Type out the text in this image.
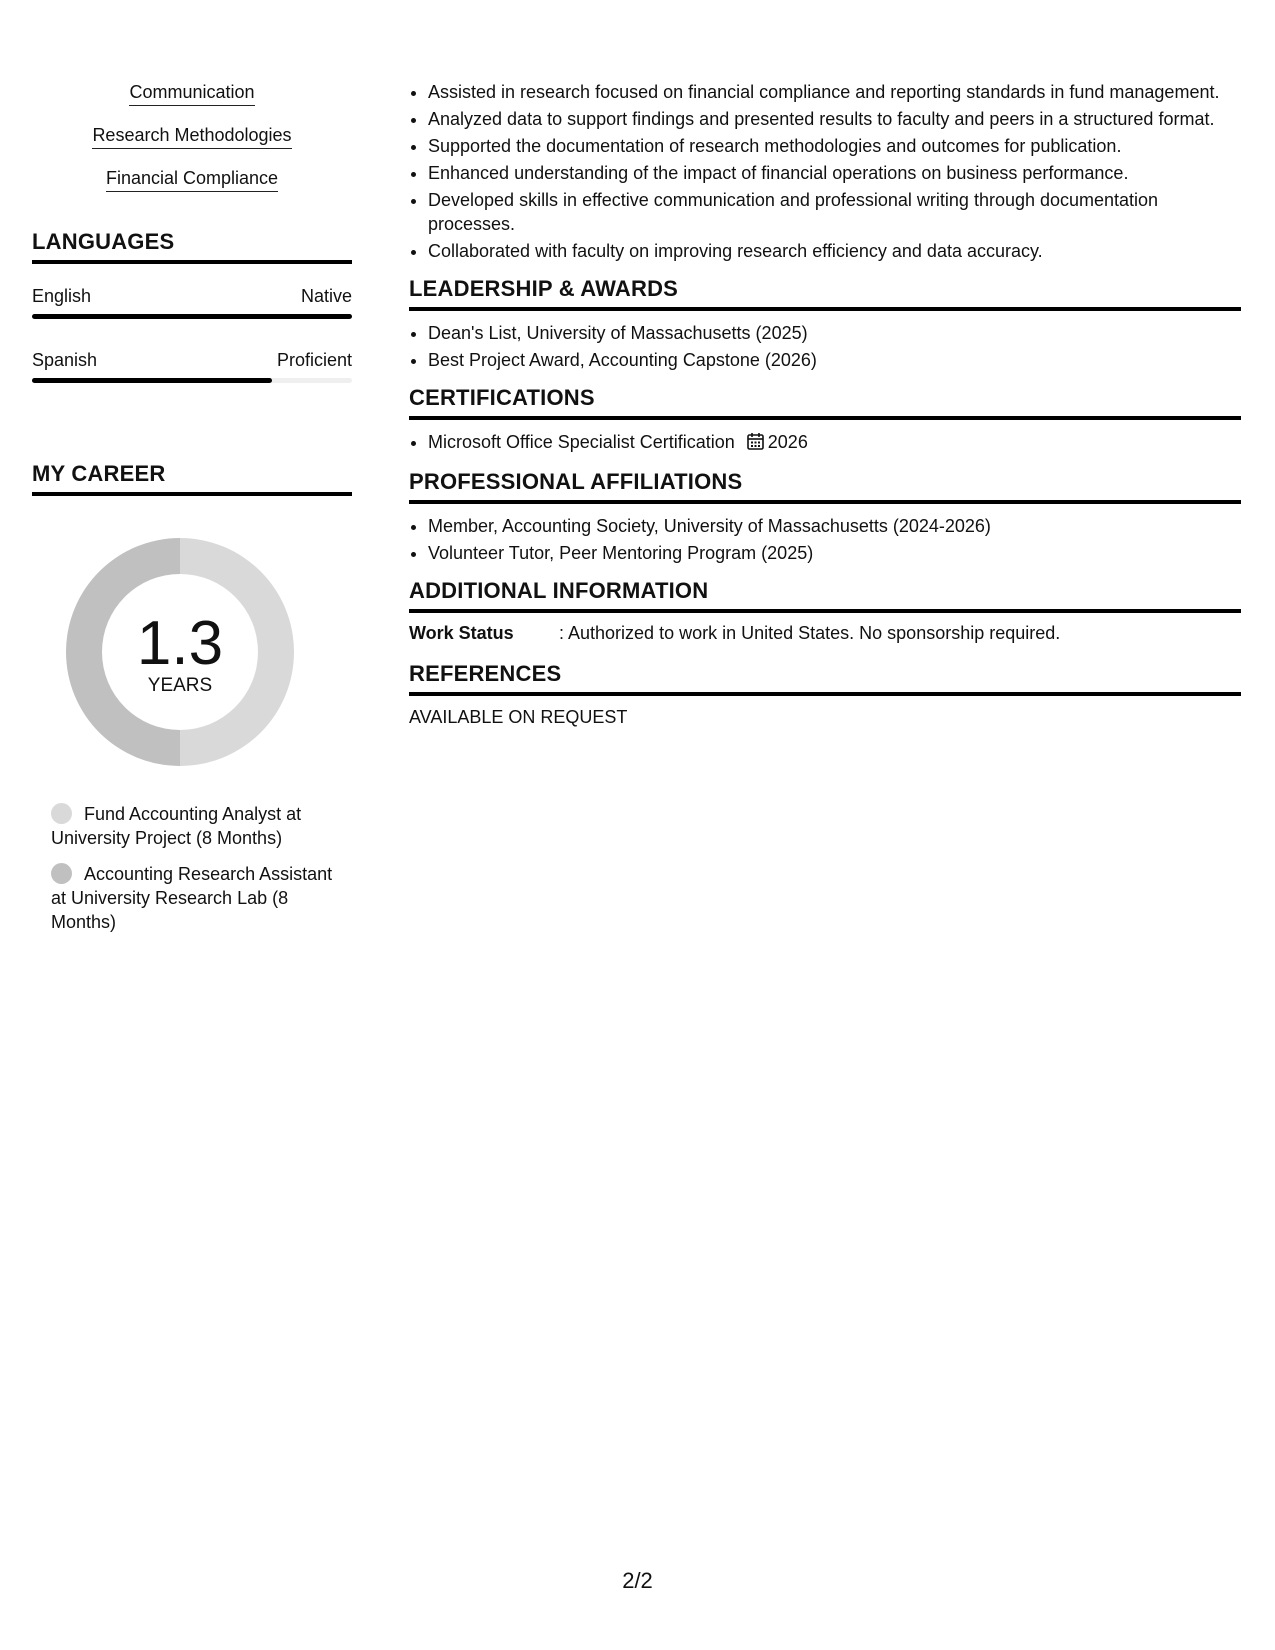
Communication
Research Methodologies
Financial Compliance
LANGUAGES
English	Native
Spanish	Proficient
MY CAREER
1.3
YEARS
Fund Accounting Analyst at University Project (8 Months)
Accounting Research Assistant at University Research Lab (8 Months)
• Assisted in research focused on financial compliance and reporting standards in fund management.
• Analyzed data to support findings and presented results to faculty and peers in a structured format.
• Supported the documentation of research methodologies and outcomes for publication.
• Enhanced understanding of the impact of financial operations on business performance.
• Developed skills in effective communication and professional writing through documentation processes.
• Collaborated with faculty on improving research efficiency and data accuracy.
LEADERSHIP & AWARDS
• Dean's List, University of Massachusetts (2025)
• Best Project Award, Accounting Capstone (2026)
CERTIFICATIONS
• Microsoft Office Specialist Certification 2026
PROFESSIONAL AFFILIATIONS
• Member, Accounting Society, University of Massachusetts (2024-2026)
• Volunteer Tutor, Peer Mentoring Program (2025)
ADDITIONAL INFORMATION
Work Status	: Authorized to work in United States. No sponsorship required.
REFERENCES
AVAILABLE ON REQUEST
2/2
